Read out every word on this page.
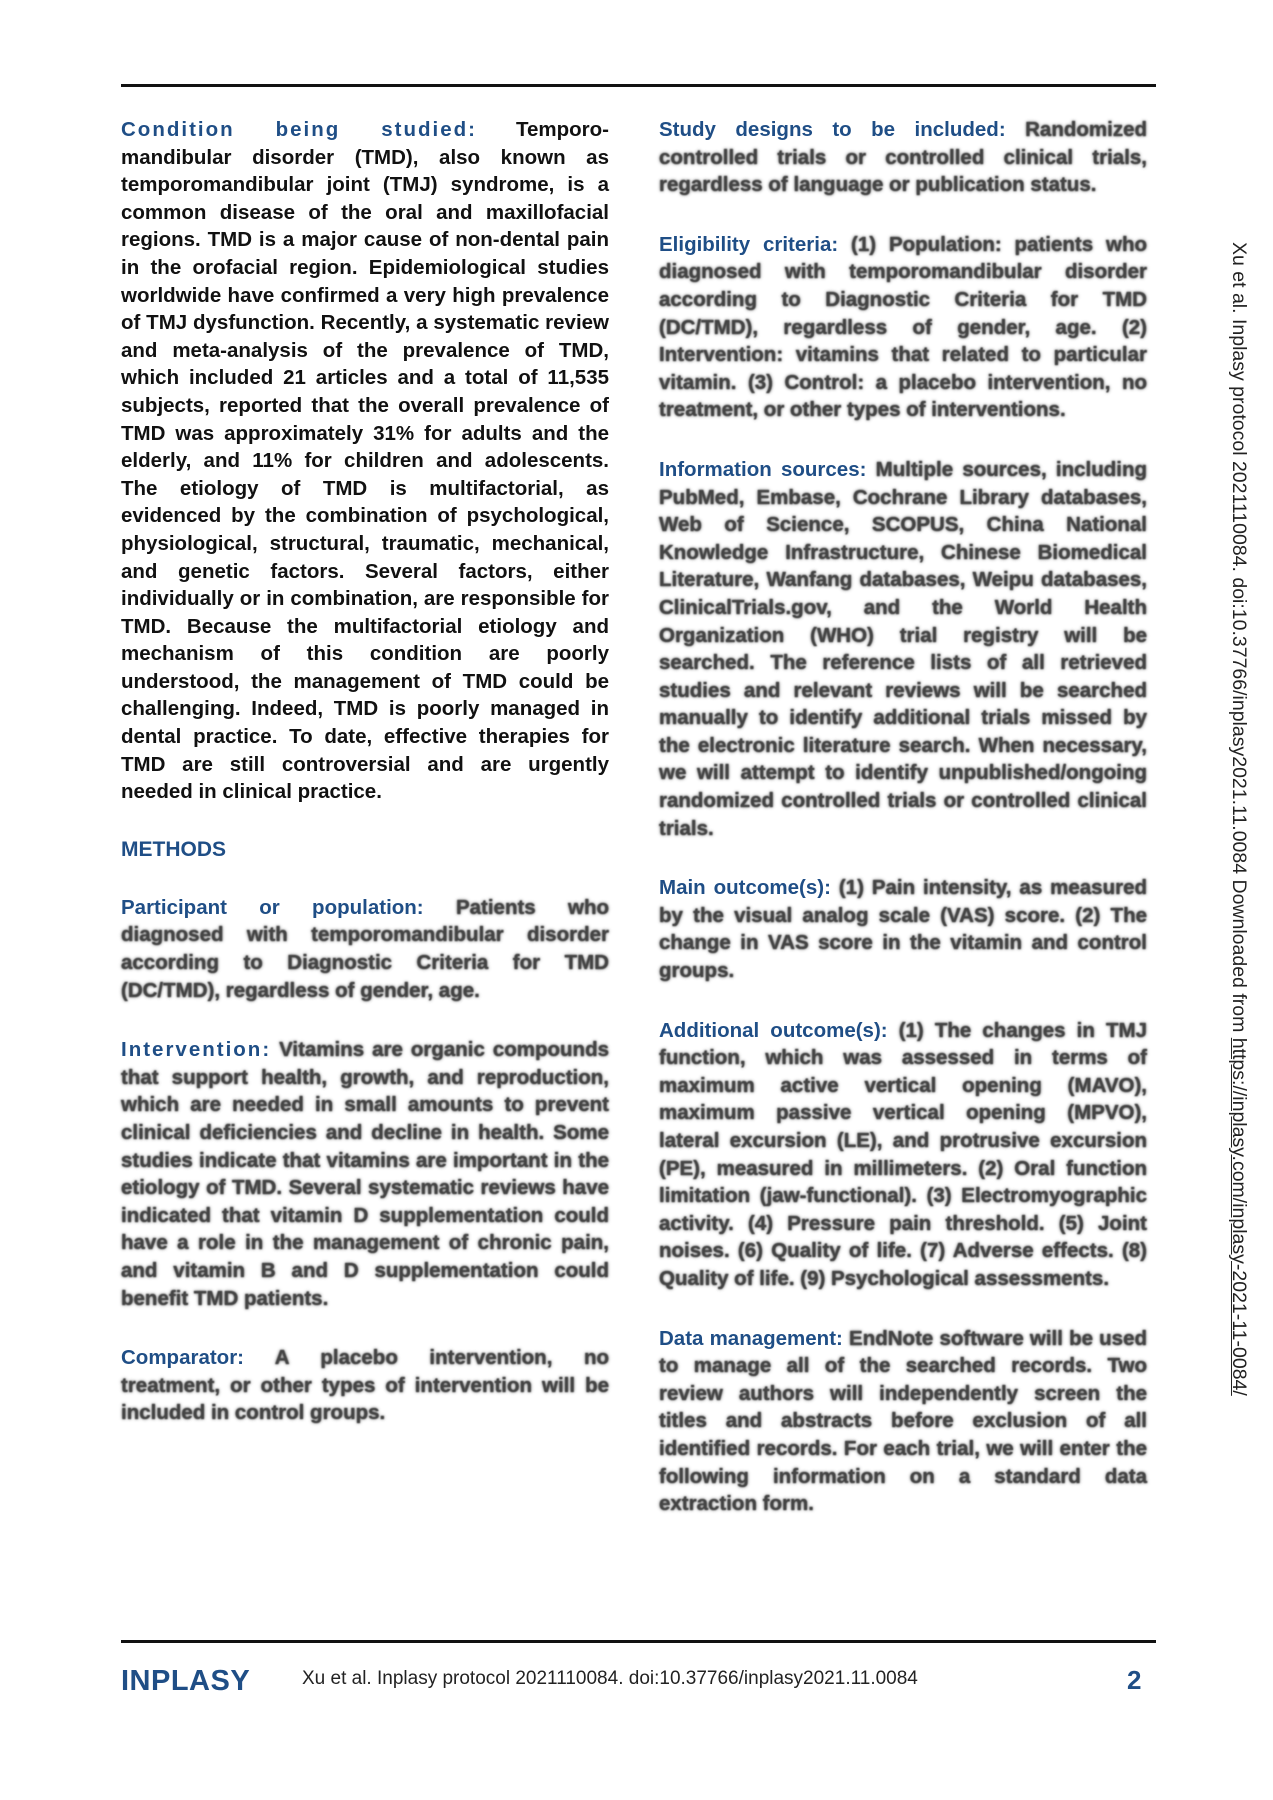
Condition being studied: Temporo-mandibular disorder (TMD), also known as temporomandibular joint (TMJ) syndrome, is a common disease of the oral and maxillofacial regions. TMD is a major cause of non-dental pain in the orofacial region. Epidemiological studies worldwide have confirmed a very high prevalence of TMJ dysfunction. Recently, a systematic review and meta-analysis of the prevalence of TMD, which included 21 articles and a total of 11,535 subjects, reported that the overall prevalence of TMD was approximately 31% for adults and the elderly, and 11% for children and adolescents. The etiology of TMD is multifactorial, as evidenced by the combination of psychological, physiological, structural, traumatic, mechanical, and genetic factors. Several factors, either individually or in combination, are responsible for TMD. Because the multifactorial etiology and mechanism of this condition are poorly understood, the management of TMD could be challenging. Indeed, TMD is poorly managed in dental practice. To date, effective therapies for TMD are still controversial and are urgently needed in clinical practice.

METHODS

Participant or population: Patients who diagnosed with temporomandibular disorder according to Diagnostic Criteria for TMD (DC/TMD), regardless of gender, age.

Intervention: Vitamins are organic compounds that support health, growth, and reproduction, which are needed in small amounts to prevent clinical deficiencies and decline in health. Some studies indicate that vitamins are important in the etiology of TMD. Several systematic reviews have indicated that vitamin D supplementation could have a role in the management of chronic pain, and vitamin B and D supplementation could benefit TMD patients.

Comparator: A placebo intervention, no treatment, or other types of intervention will be included in control groups.

Study designs to be included: Randomized controlled trials or controlled clinical trials, regardless of language or publication status.

Eligibility criteria: (1) Population: patients who diagnosed with temporomandibular disorder according to Diagnostic Criteria for TMD (DC/TMD), regardless of gender, age. (2) Intervention: vitamins that related to particular vitamin. (3) Control: a placebo intervention, no treatment, or other types of interventions.

Information sources: Multiple sources, including PubMed, Embase, Cochrane Library databases, Web of Science, SCOPUS, China National Knowledge Infrastructure, Chinese Biomedical Literature, Wanfang databases, Weipu databases, ClinicalTrials.gov, and the World Health Organization (WHO) trial registry will be searched. The reference lists of all retrieved studies and relevant reviews will be searched manually to identify additional trials missed by the electronic literature search. When necessary, we will attempt to identify unpublished/ongoing randomized controlled trials or controlled clinical trials.

Main outcome(s): (1) Pain intensity, as measured by the visual analog scale (VAS) score. (2) The change in VAS score in the vitamin and control groups.

Additional outcome(s): (1) The changes in TMJ function, which was assessed in terms of maximum active vertical opening (MAVO), maximum passive vertical opening (MPVO), lateral excursion (LE), and protrusive excursion (PE), measured in millimeters. (2) Oral function limitation (jaw-functional). (3) Electromyographic activity. (4) Pressure pain threshold. (5) Joint noises. (6) Quality of life. (7) Adverse effects. (8) Quality of life. (9) Psychological assessments.

Data management: EndNote software will be used to manage all of the searched records. Two review authors will independently screen the titles and abstracts before exclusion of all identified records. For each trial, we will enter the following information on a standard data extraction form.

Xu et al. Inplasy protocol 2021110084. doi:10.37766/inplasy2021.11.0084 Downloaded from https://inplasy.com/inplasy-2021-11-0084/
INPLASY	Xu et al. Inplasy protocol 2021110084. doi:10.37766/inplasy2021.11.0084	2
